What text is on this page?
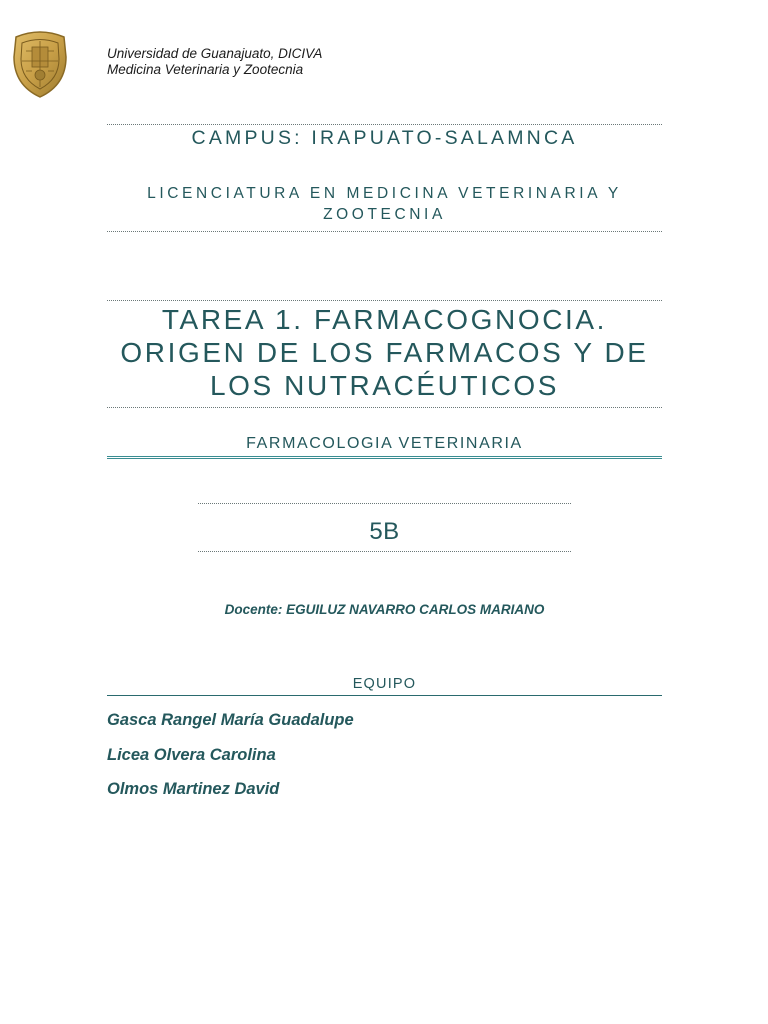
Universidad de Guanajuato, DICIVA
Medicina Veterinaria y Zootecnia
CAMPUS: IRAPUATO-SALAMNCA
LICENCIATURA EN MEDICINA VETERINARIA Y ZOOTECNIA
TAREA 1. FARMACOGNOCIA. ORIGEN DE LOS FARMACOS Y DE LOS NUTRACÉUTICOS
FARMACOLOGIA VETERINARIA
5B
Docente: EGUILUZ NAVARRO CARLOS MARIANO
EQUIPO
Gasca Rangel María Guadalupe
Licea Olvera Carolina
Olmos Martinez David
